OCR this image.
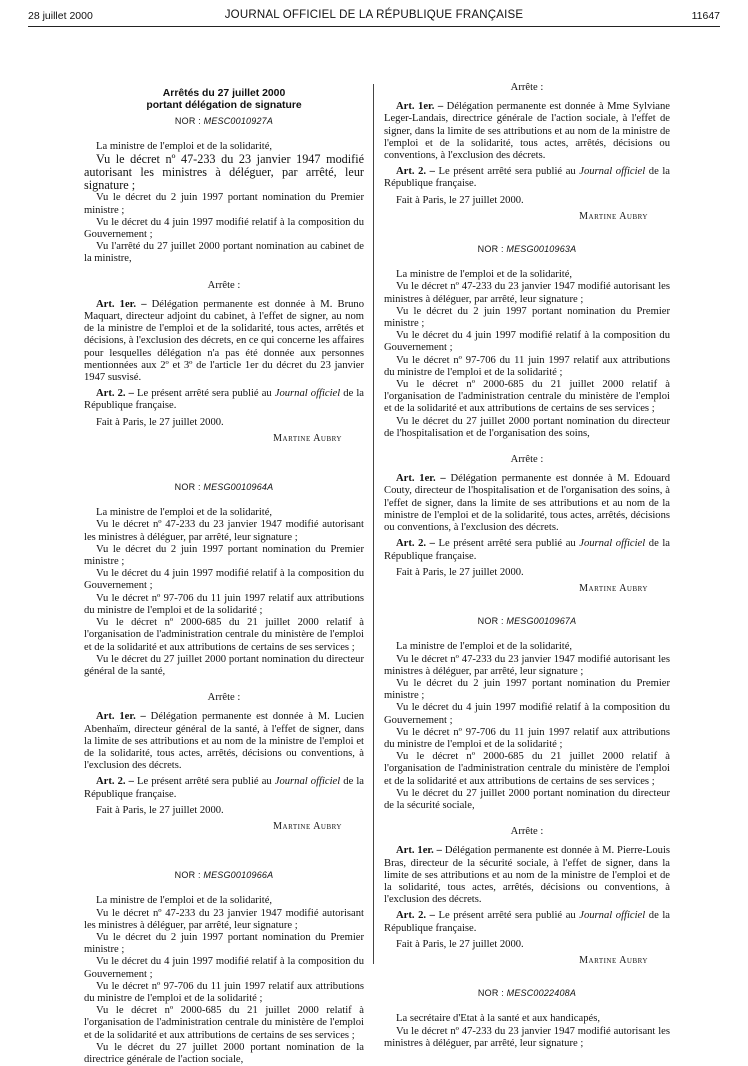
28 juillet 2000	JOURNAL OFFICIEL DE LA RÉPUBLIQUE FRANÇAISE	11647
Arrêtés du 27 juillet 2000
portant délégation de signature
NOR : MESC0010927A

La ministre de l'emploi et de la solidarité,

Vu le décret nº 47-233 du 23 janvier 1947 modifié autorisant les ministres à déléguer, par arrêté, leur signature ;

Vu le décret du 2 juin 1997 portant nomination du Premier ministre ;

Vu le décret du 4 juin 1997 modifié relatif à la composition du Gouvernement ;

Vu l'arrêté du 27 juillet 2000 portant nomination au cabinet de la ministre,

Arrête :

Art. 1er. – Délégation permanente est donnée à M. Bruno Maquart, directeur adjoint du cabinet, à l'effet de signer, au nom de la ministre de l'emploi et de la solidarité, tous actes, arrêtés et décisions, à l'exclusion des décrets, en ce qui concerne les affaires pour lesquelles délégation n'a pas été donnée aux personnes mentionnées aux 2º et 3º de l'article 1er du décret du 23 janvier 1947 susvisé.

Art. 2. – Le présent arrêté sera publié au Journal officiel de la République française.

Fait à Paris, le 27 juillet 2000.

Martine Aubry
NOR : MESG0010964A

La ministre de l'emploi et de la solidarité,

Vu le décret nº 47-233 du 23 janvier 1947 modifié autorisant les ministres à déléguer, par arrêté, leur signature ;

Vu le décret du 2 juin 1997 portant nomination du Premier ministre ;

Vu le décret du 4 juin 1997 modifié relatif à la composition du Gouvernement ;

Vu le décret nº 97-706 du 11 juin 1997 relatif aux attributions du ministre de l'emploi et de la solidarité ;

Vu le décret nº 2000-685 du 21 juillet 2000 relatif à l'organisation de l'administration centrale du ministère de l'emploi et de la solidarité et aux attributions de certains de ses services ;

Vu le décret du 27 juillet 2000 portant nomination du directeur général de la santé,

Arrête :

Art. 1er. – Délégation permanente est donnée à M. Lucien Abenhaïm, directeur général de la santé, à l'effet de signer, dans la limite de ses attributions et au nom de la ministre de l'emploi et de la solidarité, tous actes, arrêtés, décisions ou conventions, à l'exclusion des décrets.

Art. 2. – Le présent arrêté sera publié au Journal officiel de la République française.

Fait à Paris, le 27 juillet 2000.

Martine Aubry
NOR : MESG0010966A

La ministre de l'emploi et de la solidarité,

Vu le décret nº 47-233 du 23 janvier 1947 modifié autorisant les ministres à déléguer, par arrêté, leur signature ;

Vu le décret du 2 juin 1997 portant nomination du Premier ministre ;

Vu le décret du 4 juin 1997 modifié relatif à la composition du Gouvernement ;

Vu le décret nº 97-706 du 11 juin 1997 relatif aux attributions du ministre de l'emploi et de la solidarité ;

Vu le décret nº 2000-685 du 21 juillet 2000 relatif à l'organisation de l'administration centrale du ministère de l'emploi et de la solidarité et aux attributions de certains de ses services ;

Vu le décret du 27 juillet 2000 portant nomination de la directrice générale de l'action sociale,

Arrête :

Art. 1er. – Délégation permanente est donnée à Mme Sylviane Leger-Landais, directrice générale de l'action sociale, à l'effet de signer, dans la limite de ses attributions et au nom de la ministre de l'emploi et de la solidarité, tous actes, arrêtés, décisions ou conventions, à l'exclusion des décrets.

Art. 2. – Le présent arrêté sera publié au Journal officiel de la République française.

Fait à Paris, le 27 juillet 2000.

Martine Aubry
NOR : MESG0010963A

La ministre de l'emploi et de la solidarité,

Vu le décret nº 47-233 du 23 janvier 1947 modifié autorisant les ministres à déléguer, par arrêté, leur signature ;

Vu le décret du 2 juin 1997 portant nomination du Premier ministre ;

Vu le décret du 4 juin 1997 modifié relatif à la composition du Gouvernement ;

Vu le décret nº 97-706 du 11 juin 1997 relatif aux attributions du ministre de l'emploi et de la solidarité ;

Vu le décret nº 2000-685 du 21 juillet 2000 relatif à l'organisation de l'administration centrale du ministère de l'emploi et de la solidarité et aux attributions de certains de ses services ;

Vu le décret du 27 juillet 2000 portant nomination du directeur de l'hospitalisation et de l'organisation des soins,

Arrête :

Art. 1er. – Délégation permanente est donnée à M. Edouard Couty, directeur de l'hospitalisation et de l'organisation des soins, à l'effet de signer, dans la limite de ses attributions et au nom de la ministre de l'emploi et de la solidarité, tous actes, arrêtés, décisions ou conventions, à l'exclusion des décrets.

Art. 2. – Le présent arrêté sera publié au Journal officiel de la République française.

Fait à Paris, le 27 juillet 2000.

Martine Aubry
NOR : MESG0010967A

La ministre de l'emploi et de la solidarité,

Vu le décret nº 47-233 du 23 janvier 1947 modifié autorisant les ministres à déléguer, par arrêté, leur signature ;

Vu le décret du 2 juin 1997 portant nomination du Premier ministre ;

Vu le décret du 4 juin 1997 modifié relatif à la composition du Gouvernement ;

Vu le décret nº 97-706 du 11 juin 1997 relatif aux attributions du ministre de l'emploi et de la solidarité ;

Vu le décret nº 2000-685 du 21 juillet 2000 relatif à l'organisation de l'administration centrale du ministère de l'emploi et de la solidarité et aux attributions de certains de ses services ;

Vu le décret du 27 juillet 2000 portant nomination du directeur de la sécurité sociale,

Arrête :

Art. 1er. – Délégation permanente est donnée à M. Pierre-Louis Bras, directeur de la sécurité sociale, à l'effet de signer, dans la limite de ses attributions et au nom de la ministre de l'emploi et de la solidarité, tous actes, arrêtés, décisions ou conventions, à l'exclusion des décrets.

Art. 2. – Le présent arrêté sera publié au Journal officiel de la République française.

Fait à Paris, le 27 juillet 2000.

Martine Aubry
NOR : MESC0022408A

La secrétaire d'Etat à la santé et aux handicapés,

Vu le décret nº 47-233 du 23 janvier 1947 modifié autorisant les ministres à déléguer, par arrêté, leur signature ;
